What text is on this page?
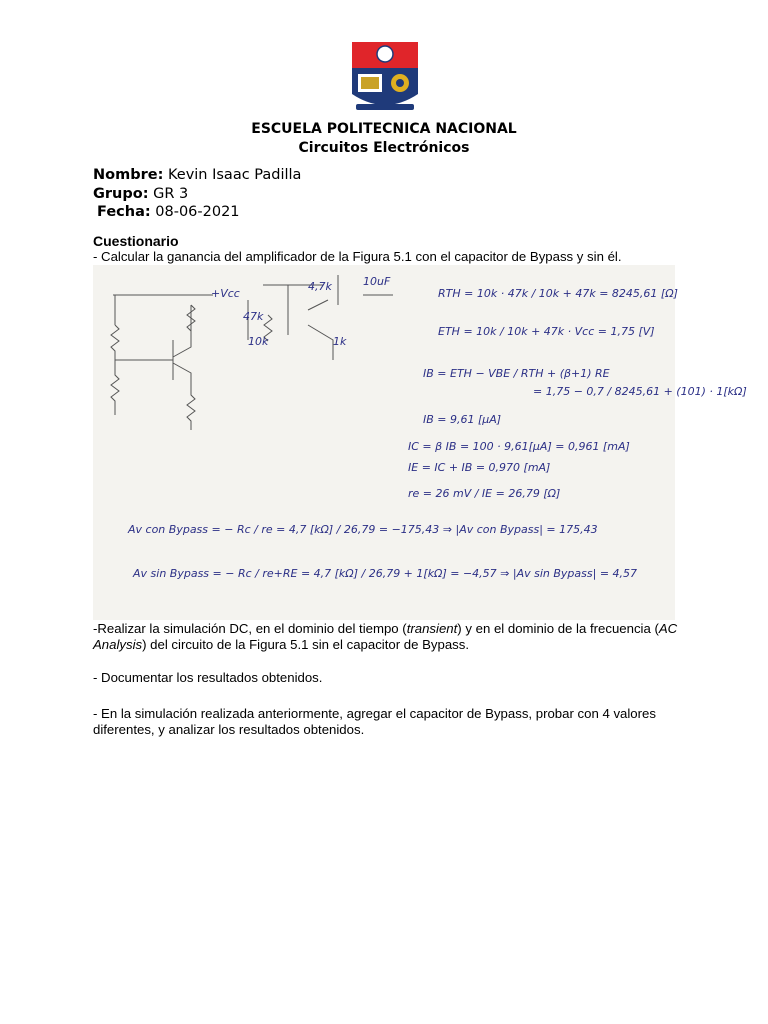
ESCUELA POLITECNICA NACIONAL
Circuitos Electrónicos
Nombre: Kevin Isaac Padilla
Grupo: GR 3
Fecha: 08-06-2021
Cuestionario
- Calcular la ganancia del amplificador de la Figura 5.1 con el capacitor de Bypass y sin él.
+Vcc
47k
10k
4,7k
1k
10uF
RTH = 10k · 47k / 10k + 47k = 8245,61 [Ω]
ETH = 10k / 10k + 47k · Vcc = 1,75 [V]
IB = ETH − VBE / RTH + (β+1) RE
= 1,75 − 0,7 / 8245,61 + (101) · 1[kΩ]
IB = 9,61 [µA]
IC = β IB = 100 · 9,61[µA] = 0,961 [mA]
IE = IC + IB = 0,970 [mA]
re = 26 mV / IE = 26,79 [Ω]
Av con Bypass = − Rc / re = 4,7 [kΩ] / 26,79 = −175,43 ⇒ |Av con Bypass| = 175,43
Av sin Bypass = − Rc / re+RE = 4,7 [kΩ] / 26,79 + 1[kΩ] = −4,57 ⇒ |Av sin Bypass| = 4,57
-Realizar la simulación DC, en el dominio del tiempo (transient) y en el dominio de la frecuencia (AC Analysis) del circuito de la Figura 5.1 sin el capacitor de Bypass.
- Documentar los resultados obtenidos.
- En la simulación realizada anteriormente, agregar el capacitor de Bypass, probar con 4 valores diferentes, y analizar los resultados obtenidos.
